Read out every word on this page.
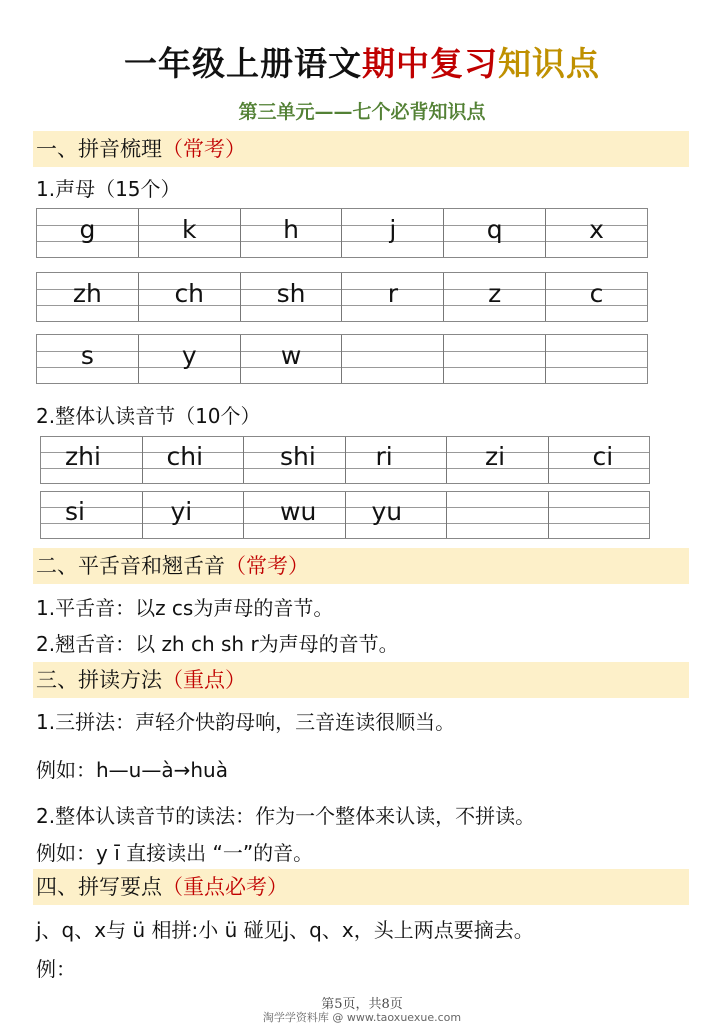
一年级上册语文期中复习知识点
第三单元——七个必背知识点
一、拼音梳理（常考）
1.声母（15个）
g	k	h	j	q	x
zh	ch	sh	r	z	c
s	y	w
2.整体认读音节（10个）
zhi	chi	shi	ri	zi	ci
si	yi	wu	yu
二、平舌音和翘舌音（常考）
1.平舌音：以z cs为声母的音节。
2.翘舌音：以 zh ch sh r为声母的音节。
三、拼读方法（重点）
1.三拼法：声轻介快韵母响，三音连读很顺当。
例如：h—u—à→huà
2.整体认读音节的读法：作为一个整体来认读，不拼读。
例如：y ī 直接读出 “一”的音。
四、拼写要点（重点必考）
j、q、x与 ü 相拼:小 ü 碰见j、q、x，头上两点要摘去。
例：
第5页，共8页
淘学学资料库 @ www.taoxuexue.com
